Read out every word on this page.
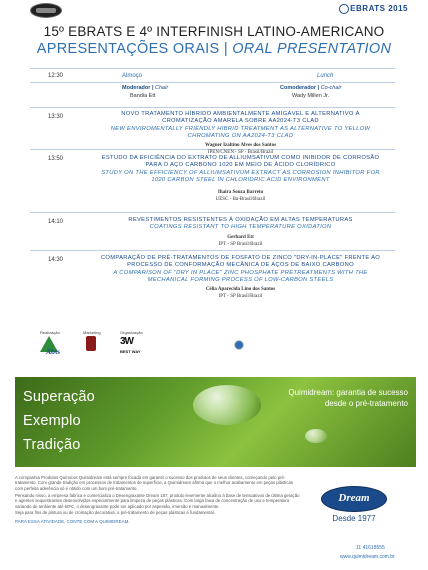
EBRATS 2015
15º EBRATS E 4º INTERFINISH LATINO-AMERICANO
APRESENTAÇÕES ORAIS | ORAL PRESENTATION
12:30	Almoço	Lunch
Moderador | Chair
Bandia Ett
Comoderador | Co-chair
Wady Millen Jr.
13:30	NOVO TRATAMENTO HÍBRIDO AMBIENTALMENTE AMIGÁVEL E ALTERNATIVO À CROMATIZAÇÃO AMARELA SOBRE AA2024-T3 CLAD
NEW ENVIROMENTALLY FRIENDLY HIBRID TREATMENT AS ALTERNATIVE TO YELLOW CHROMATING ON AA2024-T3 CLAD
Wagner Izaltino Alves dos Santos
IPEN/CNEN - SP - Brasil/Brazil
13:50	ESTUDO DA EFICIÊNCIA DO EXTRATO DE ALLIUMSATIVUM COMO INIBIDOR DE CORROSÃO PARA O AÇO CARBONO 1020 EM MEIO DE ÁCIDO CLORÍDRICO
STUDY ON THE EFFICIENCY OF ALLIUMSATIVUM EXTRACT AS CORROSION INHIBITOR FOR 1020 CARBON STEEL IN CHLORIDRIC ACID ENVIRONMENT
Ihaira Souza Barreto
UESC - Ba-Brasil/Brazil
14:10	REVESTIMENTOS RESISTENTES À OXIDAÇÃO EM ALTAS TEMPERATURAS
COATINGS RESISTANT TO HIGH TEMPERATURE OXIDATION
Gerhard Ett
IPT - SP Brasil/Brazil
14:30	COMPARAÇÃO DE PRÉ-TRATAMENTOS DE FOSFATO DE ZINCO "DRY-IN-PLACE" FRENTE AO PROCESSO DE CONFORMAÇÃO MECÂNICA DE AÇOS DE BAIXO CARBONO
A COMPARISON OF "DRY IN PLACE" ZINC PHOSPHATE PRETREATMENTS WITH THE MECHANICAL FORMING PROCESS OF LOW-CARBON STEELS
Célia Aparecida Lino dos Santos
IPT - SP Brasil/Brazil
Realização	Marketing	Organização
Abts
3W
BEST WAY
Superação
Exemplo
Tradição
Quimidream: garantia de sucesso
desde o pré-tratamento

A companhia Produtos Químicos Quimidream está sempre focada em garantir o sucesso dos produtos de seus clientes, começando pelo pré-tratamento. Com grande tradição em processos de tratamentos de superfície, a Quimidream afirma que o melhor acabamento em peças plásticas com perfeita aderência só é obtido com um bom pré-tratamento.

Pensando nisso, a empresa fabrica e comercializa o Desengraxante Dream 187, produto levemente alcalino à base de tensoativos de última geração e agentes sequestrantes desenvolvidos especialmente para limpeza de peças plásticas. Com larga faixa de concentração de uso e temperatura variando de ambiente até 60ºC, o desengraxante pode ser aplicado por aspersão, imersão e manualmente.

Seja para fins de pintura ou de cromação decorativa, o pré-tratamento de peças plásticas é fundamental.

PARA ESSA ATIVIDADE, CONTE COM A QUIMIDREAM.

Dream
Desde 1977
11 41618555
www.quimidream.com.br
